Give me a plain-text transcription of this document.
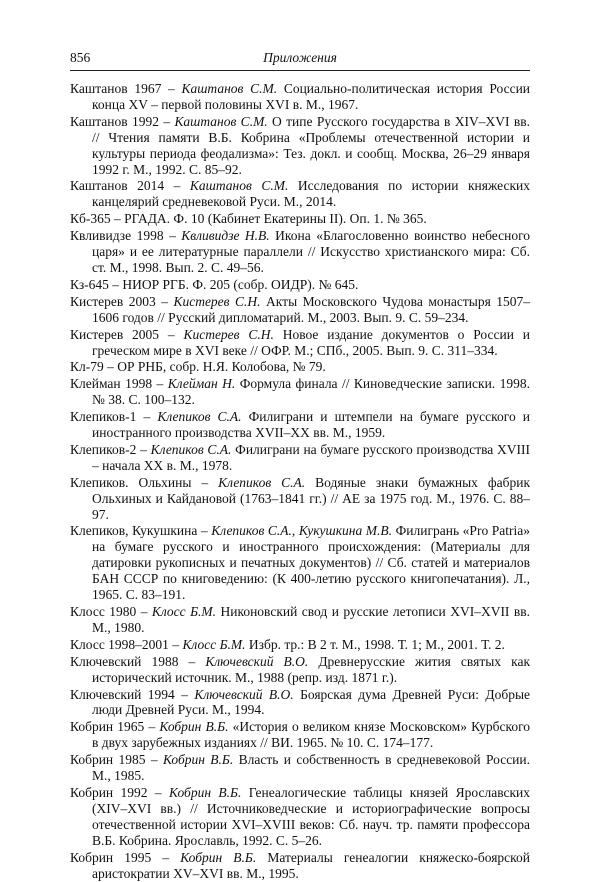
856	Приложения

Каштанов 1967 – Каштанов С.М. Социально-политическая история России конца XV – первой половины XVI в. М., 1967.

Каштанов 1992 – Каштанов С.М. О типе Русского государства в XIV–XVI вв. // Чтения памяти В.Б. Кобрина «Проблемы отечественной истории и культуры периода феодализма»: Тез. докл. и сообщ. Москва, 26–29 января 1992 г. М., 1992. С. 85–92.

Каштанов 2014 – Каштанов С.М. Исследования по истории княжеских канцелярий средневековой Руси. М., 2014.

Кб-365 – РГАДА. Ф. 10 (Кабинет Екатерины II). Оп. 1. № 365.

Квливидзе 1998 – Квливидзе Н.В. Икона «Благословенно воинство небесного царя» и ее литературные параллели // Искусство христианского мира: Сб. ст. М., 1998. Вып. 2. С. 49–56.

Кз-645 – НИОР РГБ. Ф. 205 (собр. ОИДР). № 645.

Кистерев 2003 – Кистерев С.Н. Акты Московского Чудова монастыря 1507–1606 годов // Русский дипломатарий. М., 2003. Вып. 9. С. 59–234.

Кистерев 2005 – Кистерев С.Н. Новое издание документов о России и греческом мире в XVI веке // ОФР. М.; СПб., 2005. Вып. 9. С. 311–334.

Кл-79 – ОР РНБ, собр. Н.Я. Колобова, № 79.

Клейман 1998 – Клейман Н. Формула финала // Киноведческие записки. 1998. № 38. С. 100–132.

Клепиков-1 – Клепиков С.А. Филиграни и штемпели на бумаге русского и иностранного производства XVII–XX вв. М., 1959.

Клепиков-2 – Клепиков С.А. Филиграни на бумаге русского производства XVIII – начала XX в. М., 1978.

Клепиков. Ольхины – Клепиков С.А. Водяные знаки бумажных фабрик Ольхиных и Кайдановой (1763–1841 гг.) // АЕ за 1975 год. М., 1976. С. 88–97.

Клепиков, Кукушкина – Клепиков С.А., Кукушкина М.В. Филигрань «Pro Patria» на бумаге русского и иностранного происхождения: (Материалы для датировки рукописных и печатных документов) // Сб. статей и материалов БАН СССР по книговедению: (К 400-летию русского книгопечатания). Л., 1965. С. 83–191.

Клосс 1980 – Клосс Б.М. Никоновский свод и русские летописи XVI–XVII вв. М., 1980.

Клосс 1998–2001 – Клосс Б.М. Избр. тр.: В 2 т. М., 1998. Т. 1; М., 2001. Т. 2.

Ключевский 1988 – Ключевский В.О. Древнерусские жития святых как исторический источник. М., 1988 (репр. изд. 1871 г.).

Ключевский 1994 – Ключевский В.О. Боярская дума Древней Руси: Добрые люди Древней Руси. М., 1994.

Кобрин 1965 – Кобрин В.Б. «История о великом князе Московском» Курбского в двух зарубежных изданиях // ВИ. 1965. № 10. С. 174–177.

Кобрин 1985 – Кобрин В.Б. Власть и собственность в средневековой России. М., 1985.

Кобрин 1992 – Кобрин В.Б. Генеалогические таблицы князей Ярославских (XIV–XVI вв.) // Источниковедческие и историографические вопросы отечественной истории XVI–XVIII веков: Сб. науч. тр. памяти профессора В.Б. Кобрина. Ярославль, 1992. С. 5–26.

Кобрин 1995 – Кобрин В.Б. Материалы генеалогии княжеско-боярской аристократии XV–XVI вв. М., 1995.
